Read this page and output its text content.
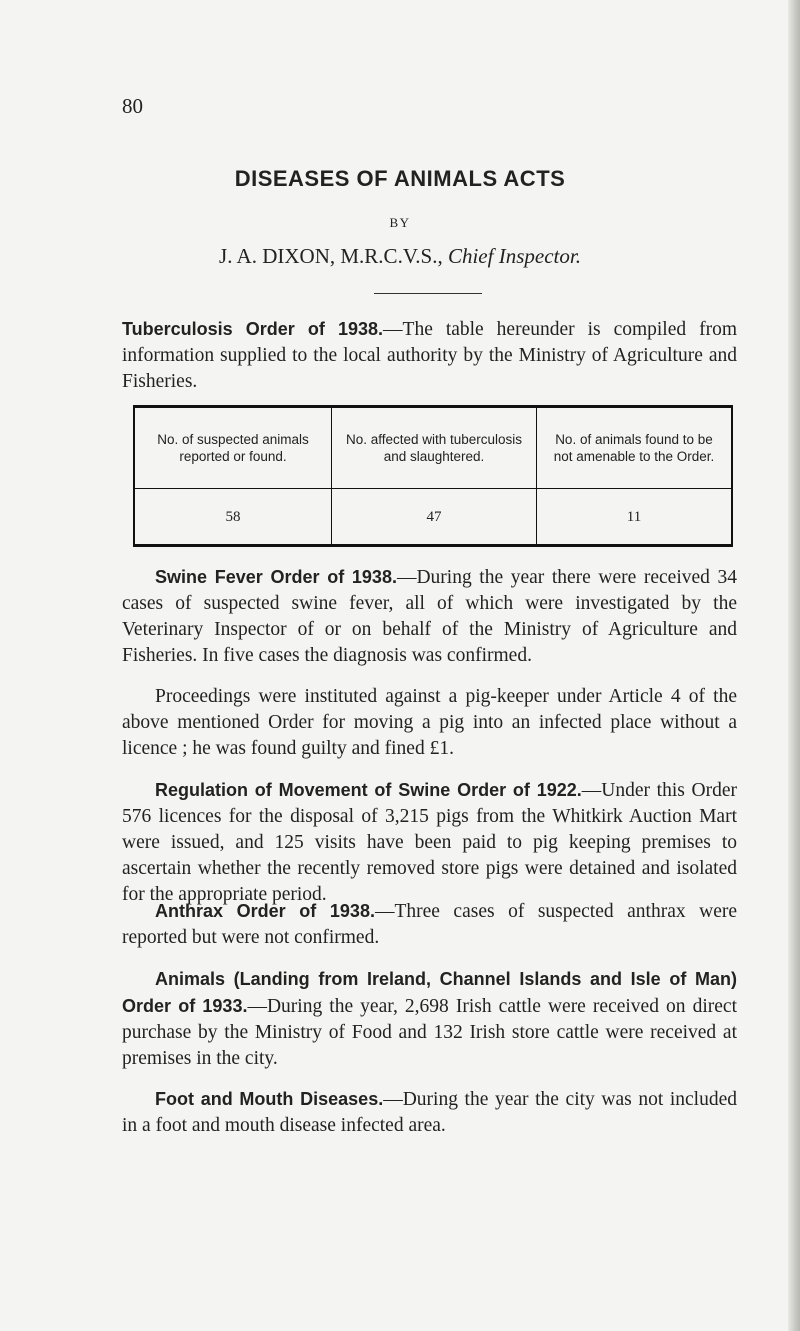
80
DISEASES OF ANIMALS ACTS
BY
J. A. DIXON, M.R.C.V.S., Chief Inspector.
Tuberculosis Order of 1938.—The table hereunder is compiled from information supplied to the local authority by the Ministry of Agriculture and Fisheries.
No. of suspected animals reported or found.
No. affected with tuberculosis and slaughtered.
No. of animals found to be not amenable to the Order.
58	47	11
Swine Fever Order of 1938.—During the year there were received 34 cases of suspected swine fever, all of which were investigated by the Veterinary Inspector of or on behalf of the Ministry of Agriculture and Fisheries. In five cases the diagnosis was confirmed.
Proceedings were instituted against a pig-keeper under Article 4 of the above mentioned Order for moving a pig into an infected place without a licence ; he was found guilty and fined £1.
Regulation of Movement of Swine Order of 1922.—Under this Order 576 licences for the disposal of 3,215 pigs from the Whitkirk Auction Mart were issued, and 125 visits have been paid to pig keeping premises to ascertain whether the recently removed store pigs were detained and isolated for the appropriate period.
Anthrax Order of 1938.—Three cases of suspected anthrax were reported but were not confirmed.
Animals (Landing from Ireland, Channel Islands and Isle of Man) Order of 1933.—During the year, 2,698 Irish cattle were received on direct purchase by the Ministry of Food and 132 Irish store cattle were received at premises in the city.
Foot and Mouth Diseases.—During the year the city was not included in a foot and mouth disease infected area.
